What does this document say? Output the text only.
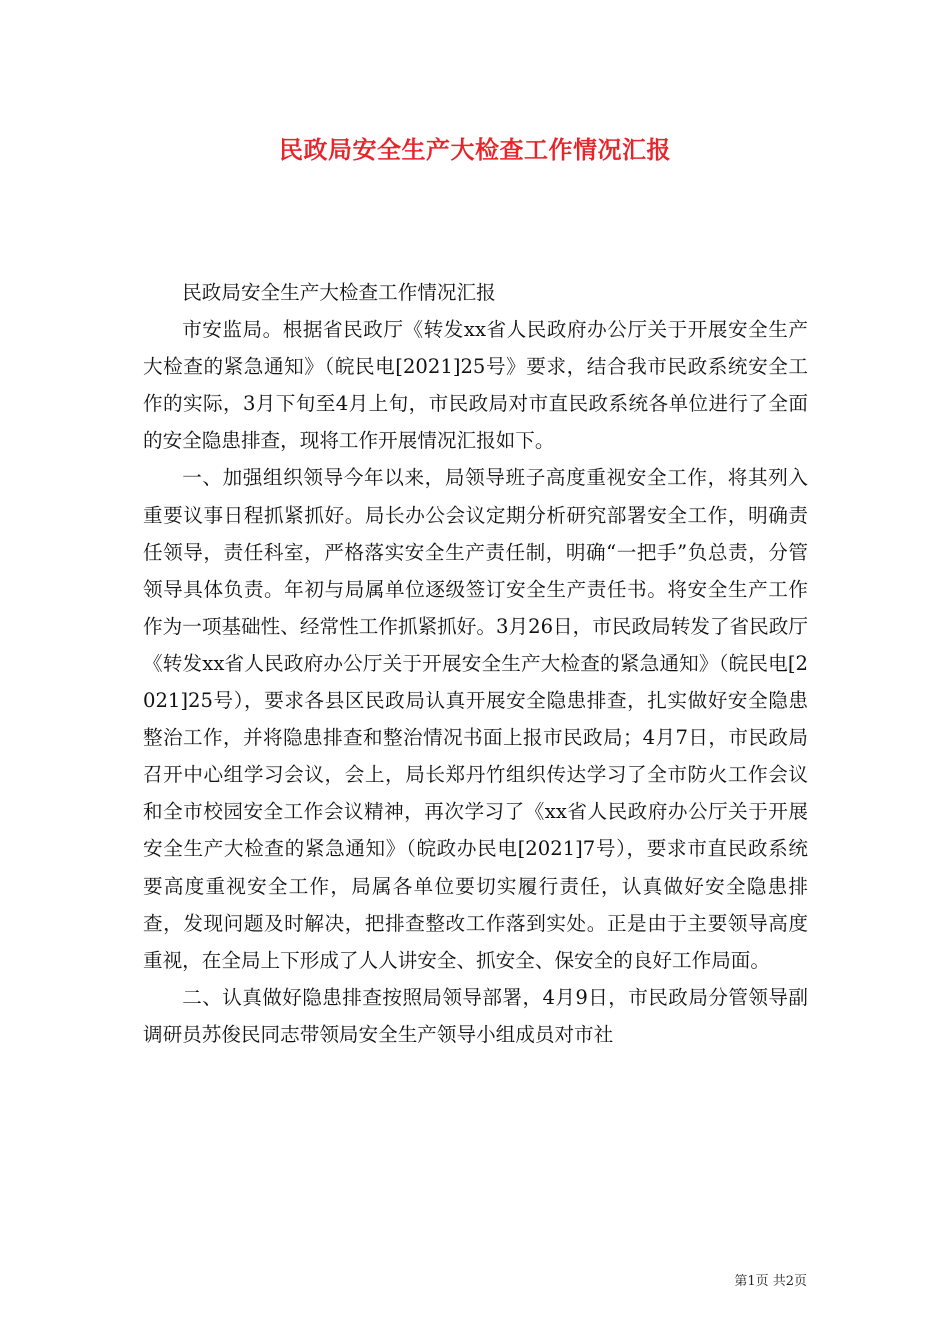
民政局安全生产大检查工作情况汇报

民政局安全生产大检查工作情况汇报

市安监局。根据省民政厅《转发xx省人民政府办公厅关于开展安全生产大检查的紧急通知》（皖民电[2021]25号》要求，结合我市民政系统安全工作的实际，3月下旬至4月上旬，市民政局对市直民政系统各单位进行了全面的安全隐患排查，现将工作开展情况汇报如下。

一、加强组织领导今年以来，局领导班子高度重视安全工作，将其列入重要议事日程抓紧抓好。局长办公会议定期分析研究部署安全工作，明确责任领导，责任科室，严格落实安全生产责任制，明确“一把手”负总责，分管领导具体负责。年初与局属单位逐级签订安全生产责任书。将安全生产工作作为一项基础性、经常性工作抓紧抓好。3月26日，市民政局转发了省民政厅《转发xx省人民政府办公厅关于开展安全生产大检查的紧急通知》（皖民电[2021]25号），要求各县区民政局认真开展安全隐患排查，扎实做好安全隐患整治工作，并将隐患排查和整治情况书面上报市民政局；4月7日，市民政局召开中心组学习会议，会上，局长郑丹竹组织传达学习了全市防火工作会议和全市校园安全工作会议精神，再次学习了《xx省人民政府办公厅关于开展安全生产大检查的紧急通知》（皖政办民电[2021]7号），要求市直民政系统要高度重视安全工作，局属各单位要切实履行责任，认真做好安全隐患排查，发现问题及时解决，把排查整改工作落到实处。正是由于主要领导高度重视，在全局上下形成了人人讲安全、抓安全、保安全的良好工作局面。

二、认真做好隐患排查按照局领导部署，4月9日，市民政局分管领导副调研员苏俊民同志带领局安全生产领导小组成员对市社

第1页 共2页
